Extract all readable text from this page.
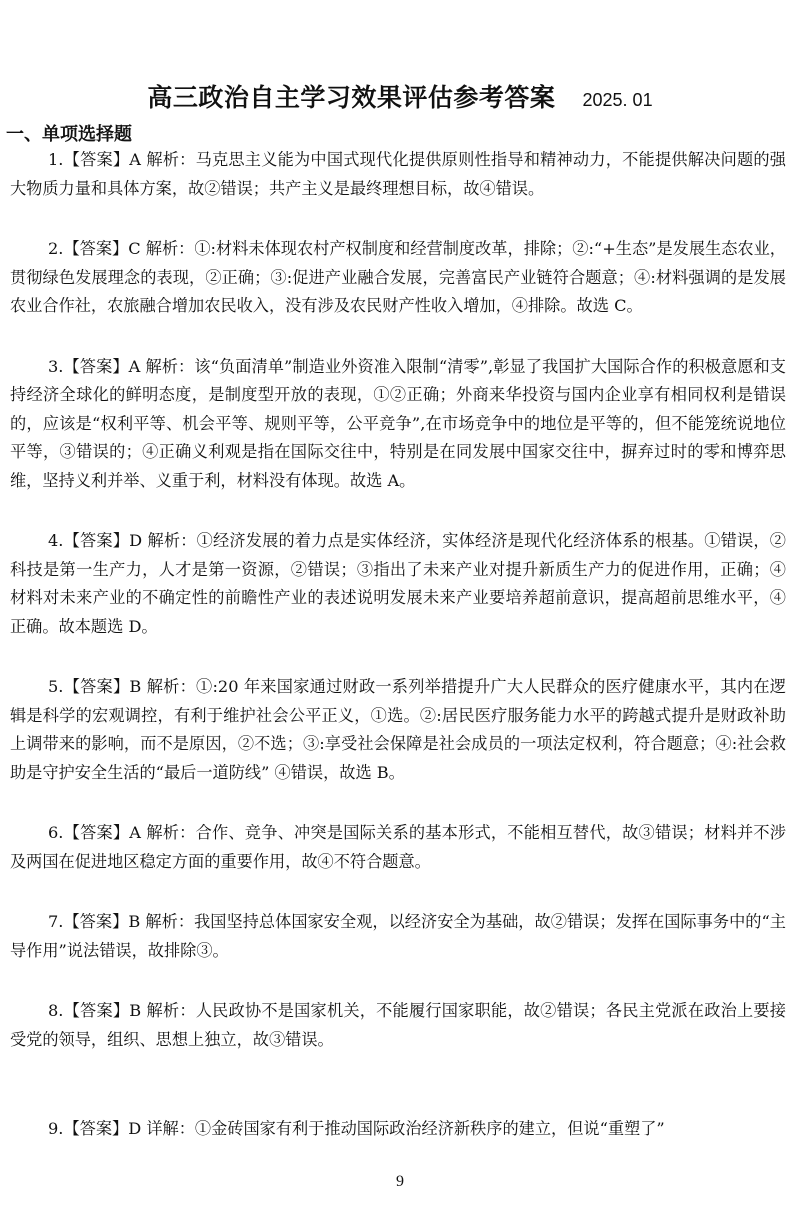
高三政治自主学习效果评估参考答案 2025. 01
一、单项选择题

1.【答案】A 解析：马克思主义能为中国式现代化提供原则性指导和精神动力，不能提供解决问题的强大物质力量和具体方案，故②错误；共产主义是最终理想目标，故④错误。

2.【答案】C 解析：①:材料未体现农村产权制度和经营制度改革，排除；②:“+生态”是发展生态农业，贯彻绿色发展理念的表现，②正确；③:促进产业融合发展，完善富民产业链符合题意；④:材料强调的是发展农业合作社，农旅融合增加农民收入，没有涉及农民财产性收入增加，④排除。故选 C。

3.【答案】A 解析：该“负面清单”制造业外资准入限制“清零”,彰显了我国扩大国际合作的积极意愿和支持经济全球化的鲜明态度，是制度型开放的表现，①②正确；外商来华投资与国内企业享有相同权利是错误的，应该是“权利平等、机会平等、规则平等，公平竞争”,在市场竞争中的地位是平等的，但不能笼统说地位平等，③错误的；④正确义利观是指在国际交往中，特别是在同发展中国家交往中，摒弃过时的零和博弈思维，坚持义利并举、义重于利，材料没有体现。故选 A。

4.【答案】D 解析：①经济发展的着力点是实体经济，实体经济是现代化经济体系的根基。①错误，②科技是第一生产力，人才是第一资源，②错误；③指出了未来产业对提升新质生产力的促进作用，正确；④材料对未来产业的不确定性的前瞻性产业的表述说明发展未来产业要培养超前意识，提高超前思维水平，④正确。故本题选 D。

5.【答案】B 解析：①:20 年来国家通过财政一系列举措提升广大人民群众的医疗健康水平，其内在逻辑是科学的宏观调控，有利于维护社会公平正义，①选。②:居民医疗服务能力水平的跨越式提升是财政补助上调带来的影响，而不是原因，②不选；③:享受社会保障是社会成员的一项法定权利，符合题意；④:社会救助是守护安全生活的“最后一道防线” ④错误，故选 B。

6.【答案】A 解析：合作、竞争、冲突是国际关系的基本形式，不能相互替代，故③错误；材料并不涉及两国在促进地区稳定方面的重要作用，故④不符合题意。

7.【答案】B 解析：我国坚持总体国家安全观，以经济安全为基础，故②错误；发挥在国际事务中的“主导作用”说法错误，故排除③。

8.【答案】B 解析：人民政协不是国家机关，不能履行国家职能，故②错误；各民主党派在政治上要接受党的领导，组织、思想上独立，故③错误。

9.【答案】D 详解：①金砖国家有利于推动国际政治经济新秩序的建立，但说“重塑了”

9
